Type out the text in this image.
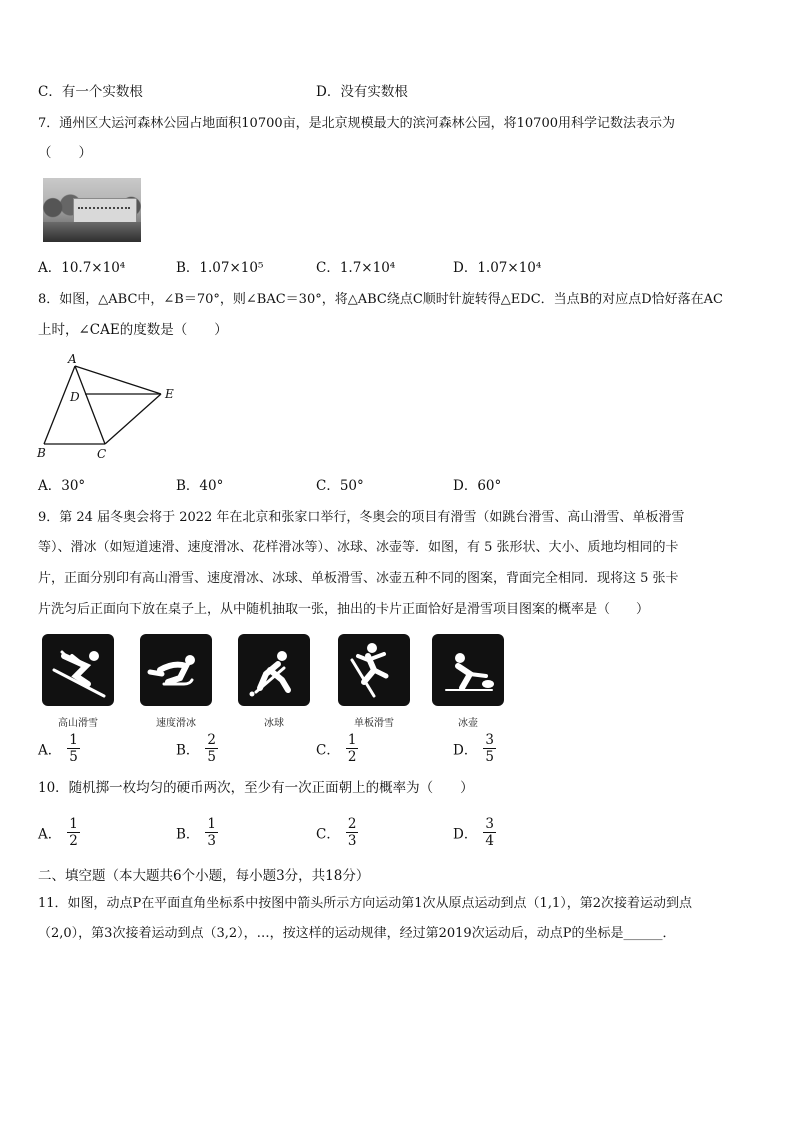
C．有一个实数根	D．没有实数根
7．通州区大运河森林公园占地面积10700亩，是北京规模最大的滨河森林公园，将10700用科学记数法表示为
（　　）
A．10.7×10⁴	B．1.07×10⁵	C．1.7×10⁴	D．1.07×10⁴
8．如图，△ABC中，∠B＝70°，则∠BAC＝30°，将△ABC绕点C顺时针旋转得△EDC．当点B的对应点D恰好落在AC
上时，∠CAE的度数是（　　）
A
D	E
B	C
A．30°	B．40°	C．50°	D．60°
9．第 24 届冬奥会将于 2022 年在北京和张家口举行，冬奥会的项目有滑雪（如跳台滑雪、高山滑雪、单板滑雪
等）、滑冰（如短道速滑、速度滑冰、花样滑冰等）、冰球、冰壶等．如图，有 5 张形状、大小、质地均相同的卡
片，正面分别印有高山滑雪、速度滑冰、冰球、单板滑雪、冰壶五种不同的图案，背面完全相同．现将这 5 张卡
片洗匀后正面向下放在桌子上，从中随机抽取一张，抽出的卡片正面恰好是滑雪项目图案的概率是（　　）
高山滑雪	速度滑冰	冰球	单板滑雪	冰壶
A． $\frac{1}{5}$	B． $\frac{2}{5}$	C． $\frac{1}{2}$	D． $\frac{3}{5}$
10．随机掷一枚均匀的硬币两次，至少有一次正面朝上的概率为（　　）
A． $\frac{1}{2}$	B． $\frac{1}{3}$	C． $\frac{2}{3}$	D． $\frac{3}{4}$
二、填空题（本大题共6个小题，每小题3分，共18分）
11．如图，动点P在平面直角坐标系中按图中箭头所示方向运动第1次从原点运动到点（1,1），第2次接着运动到点
（2,0），第3次接着运动到点（3,2），…，按这样的运动规律，经过第2019次运动后，动点P的坐标是______．
